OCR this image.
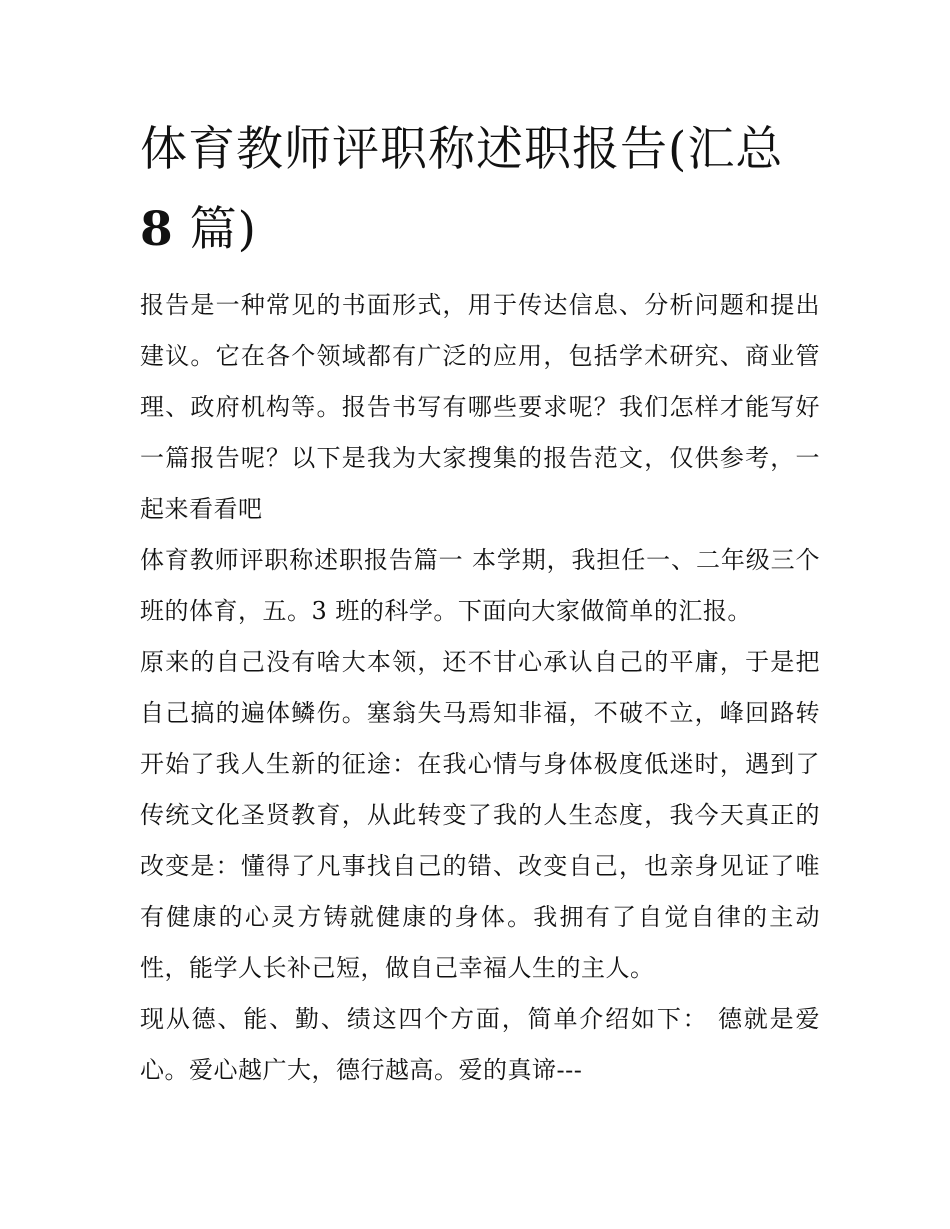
体育教师评职称述职报告(汇总
8 篇)

报告是一种常见的书面形式，用于传达信息、分析问题和提出建议。它在各个领域都有广泛的应用，包括学术研究、商业管理、政府机构等。报告书写有哪些要求呢？我们怎样才能写好一篇报告呢？以下是我为大家搜集的报告范文，仅供参考，一起来看看吧

体育教师评职称述职报告篇一 本学期，我担任一、二年级三个班的体育，五。3 班的科学。下面向大家做简单的汇报。

原来的自己没有啥大本领，还不甘心承认自己的平庸，于是把自己搞的遍体鳞伤。塞翁失马焉知非福，不破不立，峰回路转开始了我人生新的征途：在我心情与身体极度低迷时，遇到了传统文化圣贤教育，从此转变了我的人生态度，我今天真正的改变是：懂得了凡事找自己的错、改变自己，也亲身见证了唯有健康的心灵方铸就健康的身体。我拥有了自觉自律的主动性，能学人长补己短，做自己幸福人生的主人。

现从德、能、勤、绩这四个方面，简单介绍如下： 德就是爱心。爱心越广大，德行越高。爱的真谛---
